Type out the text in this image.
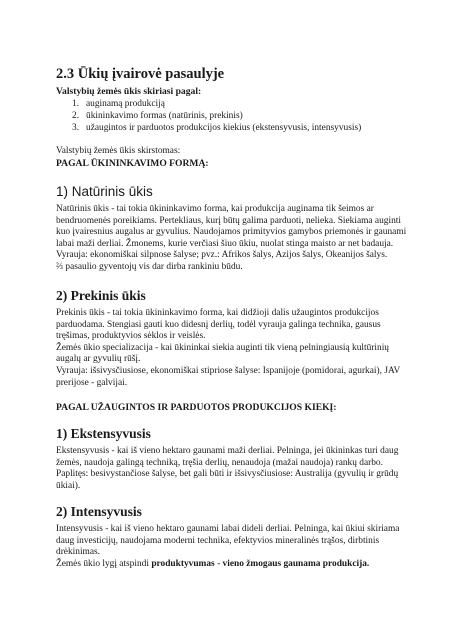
2.3 Ūkių įvairovė pasaulyje
Valstybių žemės ūkis skiriasi pagal:
1. auginamą produkciją
2. ūkininkavimo formas (natūrinis, prekinis)
3. užaugintos ir parduotos produkcijos kiekius (ekstensyvusis, intensyvusis)
Valstybių žemės ūkis skirstomas:
PAGAL ŪKININKAVIMO FORMĄ:
1) Natūrinis ūkis
Natūrinis ūkis - tai tokia ūkininkavimo forma, kai produkcija auginama tik šeimos ar
bendruomenės poreikiams. Pertekliaus, kurį būtų galima parduoti, nelieka. Siekiama auginti
kuo įvairesnius augalus ar gyvulius. Naudojamos primityvios gamybos priemonės ir gaunami
labai maži derliai. Žmonems, kurie verčiasi šiuo ūkiu, nuolat stinga maisto ar net badauja.
Vyrauja: ekonomiškai silpnose šalyse; pvz.: Afrikos šalys, Azijos šalys, Okeanijos šalys.
⅔ pasaulio gyventojų vis dar dirba rankiniu būdu.
2) Prekinis ūkis
Prekinis ūkis - tai tokia ūkininkavimo forma, kai didžioji dalis užaugintos produkcijos
parduodama. Stengiasi gauti kuo didesnį derlių, todėl vyrauja galinga technika, gausus
tręšimas, produktyvios sėklos ir veislės.
Žemės ūkio specializacija - kai ūkininkai siekia auginti tik vieną pelningiausią kultūrinių
augalų ar gyvulių rūšį.
Vyrauja: išsivysčiusiose, ekonomiškai stipriose šalyse: Ispanijoje (pomidorai, agurkai), JAV
prerijose - galvijai.
PAGAL UŽAUGINTOS IR PARDUOTOS PRODUKCIJOS KIEKĮ:
1) Ekstensyvusis
Ekstensyvusis - kai iš vieno hektaro gaunami maži derliai. Pelninga, jei ūkininkas turi daug
žemės, naudoja galingą techniką, tręšia derlių, nenaudoja (mažai naudoja) rankų darbo.
Paplitęs: besivystančiose šalyse, bet gali būti ir išsivysčiusiose: Australija (gyvulių ir grūdų
ūkiai).
2) Intensyvusis
Intensyvusis - kai iš vieno hektaro gaunami labai dideli derliai. Pelninga, kai ūkiui skiriama
daug investicijų, naudojama moderni technika, efektyvios mineralinės trąšos, dirbtinis
drėkinimas.
Žemės ūkio lygį atspindi produktyvumas - vieno žmogaus gaunama produkcija.
